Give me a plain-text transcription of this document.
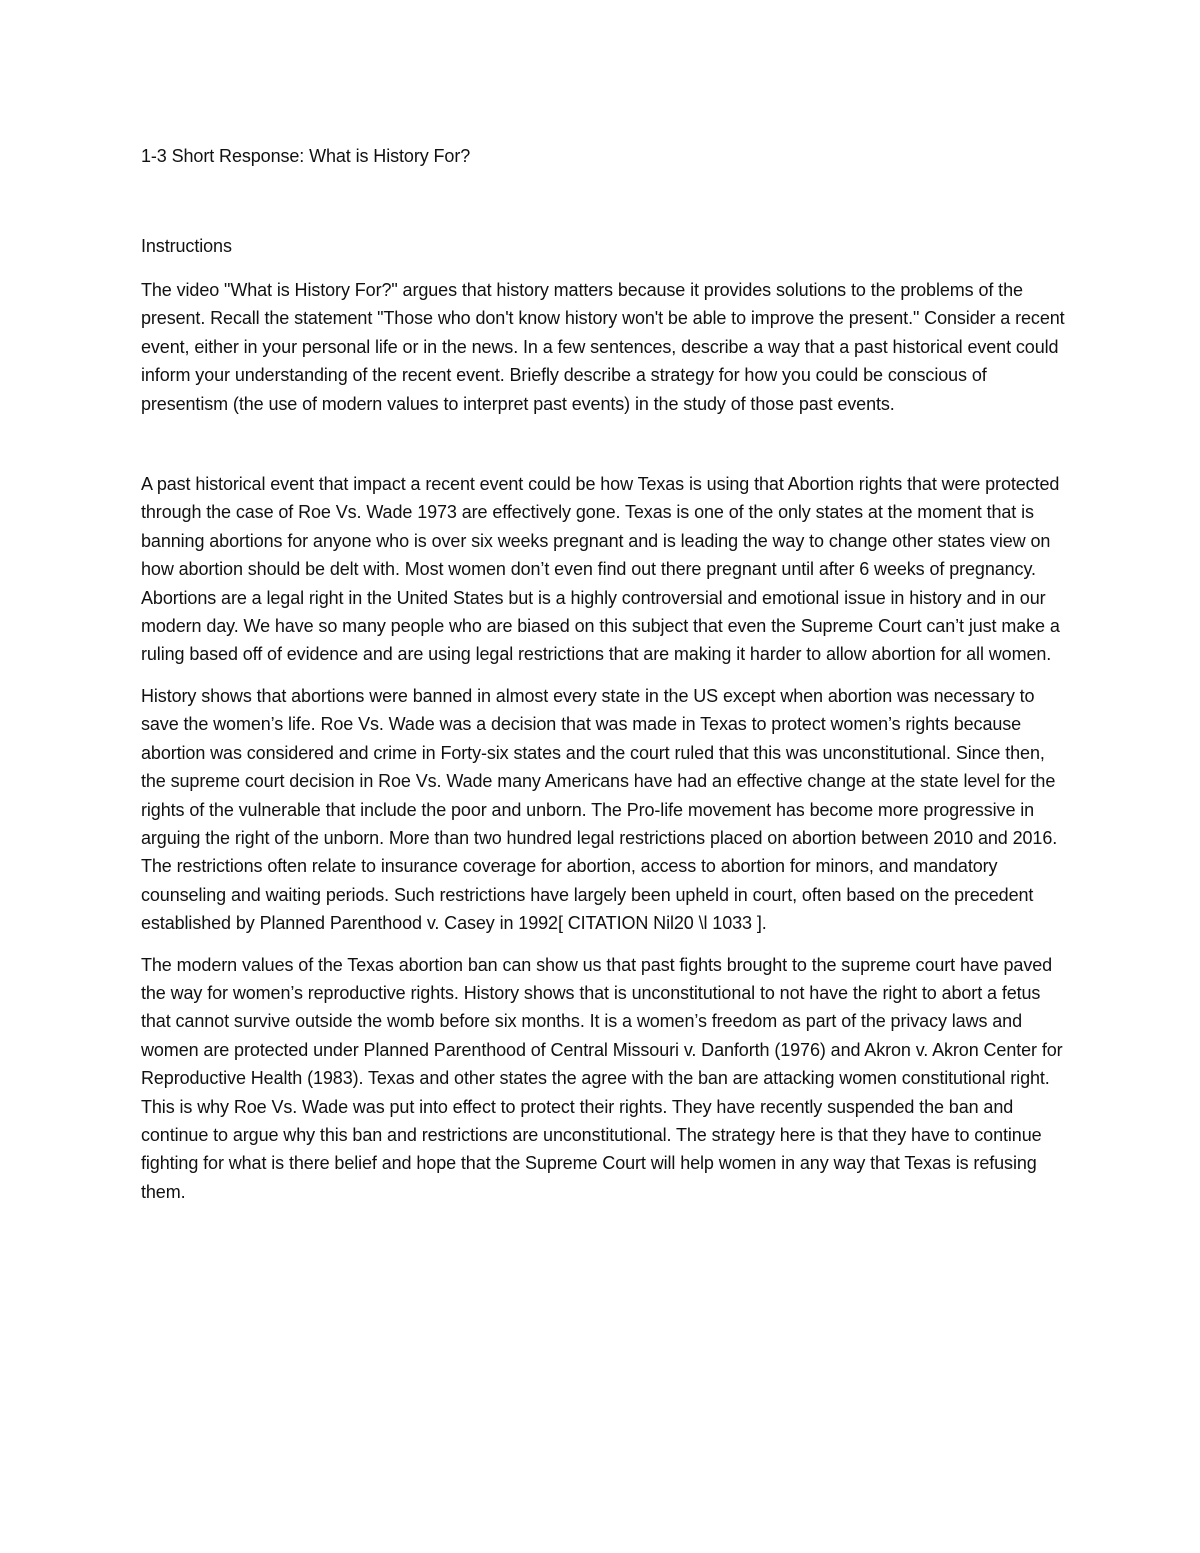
1-3 Short Response: What is History For?
Instructions

The video "What is History For?" argues that history matters because it provides solutions to the problems of the present. Recall the statement "Those who don't know history won't be able to improve the present." Consider a recent event, either in your personal life or in the news. In a few sentences, describe a way that a past historical event could inform your understanding of the recent event. Briefly describe a strategy for how you could be conscious of presentism (the use of modern values to interpret past events) in the study of those past events.

A past historical event that impact a recent event could be how Texas is using that Abortion rights that were protected through the case of Roe Vs. Wade 1973 are effectively gone. Texas is one of the only states at the moment that is banning abortions for anyone who is over six weeks pregnant and is leading the way to change other states view on how abortion should be delt with. Most women don’t even find out there pregnant until after 6 weeks of pregnancy. Abortions are a legal right in the United States but is a highly controversial and emotional issue in history and in our modern day. We have so many people who are biased on this subject that even the Supreme Court can’t just make a ruling based off of evidence and are using legal restrictions that are making it harder to allow abortion for all women.

History shows that abortions were banned in almost every state in the US except when abortion was necessary to save the women’s life. Roe Vs. Wade was a decision that was made in Texas to protect women’s rights because abortion was considered and crime in Forty-six states and the court ruled that this was unconstitutional. Since then, the supreme court decision in Roe Vs. Wade many Americans have had an effective change at the state level for the rights of the vulnerable that include the poor and unborn. The Pro-life movement has become more progressive in arguing the right of the unborn. More than two hundred legal restrictions placed on abortion between 2010 and 2016. The restrictions often relate to insurance coverage for abortion, access to abortion for minors, and mandatory counseling and waiting periods. Such restrictions have largely been upheld in court, often based on the precedent established by Planned Parenthood v. Casey in 1992[ CITATION Nil20 \l 1033 ].

The modern values of the Texas abortion ban can show us that past fights brought to the supreme court have paved the way for women’s reproductive rights. History shows that is unconstitutional to not have the right to abort a fetus that cannot survive outside the womb before six months. It is a women’s freedom as part of the privacy laws and women are protected under Planned Parenthood of Central Missouri v. Danforth (1976) and Akron v. Akron Center for Reproductive Health (1983). Texas and other states the agree with the ban are attacking women constitutional right. This is why Roe Vs. Wade was put into effect to protect their rights. They have recently suspended the ban and continue to argue why this ban and restrictions are unconstitutional. The strategy here is that they have to continue fighting for what is there belief and hope that the Supreme Court will help women in any way that Texas is refusing them.
